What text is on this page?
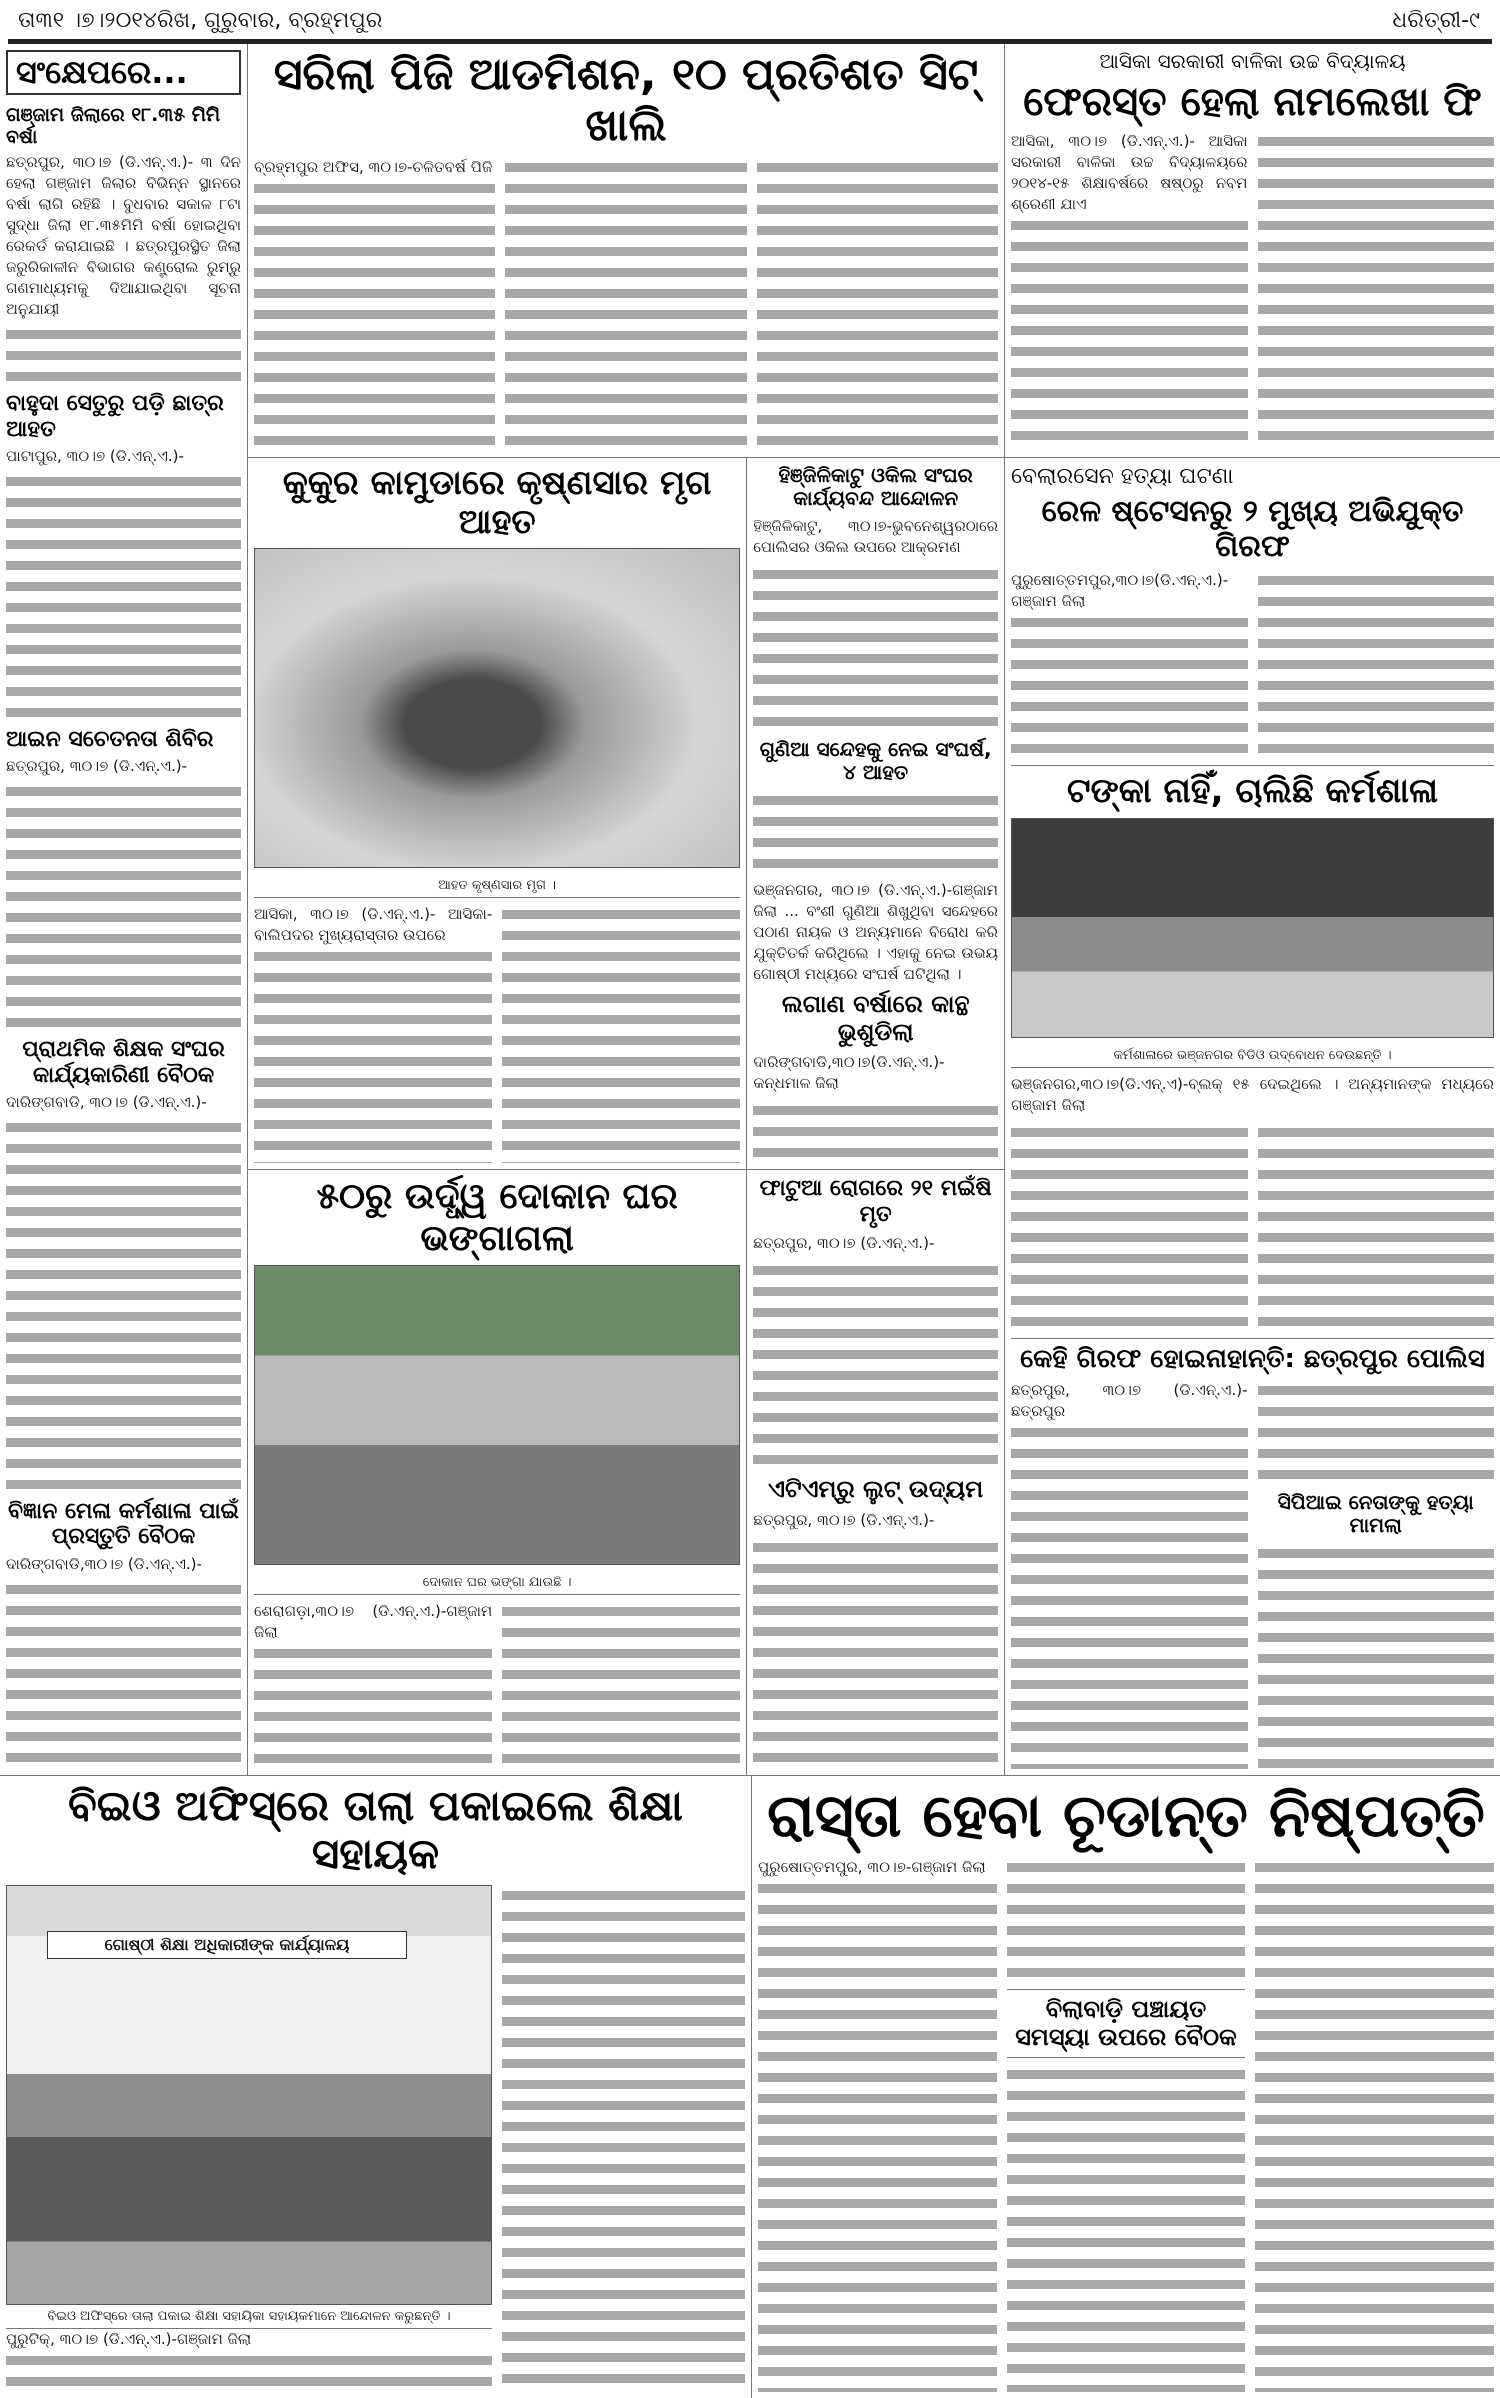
ତା୩୧ ।୭।୨୦୧୪ରିଖ, ଗୁରୁବାର, ବ୍ରହ୍ମପୁର	ଧରିତ୍ରୀ-୯
ସଂକ୍ଷେପରେ...
ଗଞ୍ଜାମ ଜିଲାରେ ୧୮.୩୫ ମିମି ବର୍ଷା
ଛତ୍ରପୁର, ୩୦।୭ (ଡି.ଏନ୍.ଏ.)- ୩ ଦିନ ହେଲା ଗଞ୍ଜାମ ଜିଲାର ବିଭିନ୍ନ ସ୍ଥାନରେ ବର୍ଷା ଲାଗି ରହିଛି । ବୁଧବାର ସକାଳ ୮ଟା ସୁଦ୍ଧା ଜିଲା ୧୮.୩୫ମିମି ବର୍ଷା ହୋଇଥିବା ରେକର୍ଡ କରାଯାଇଛି । ଛତ୍ରପୁରସ୍ଥିତ ଜିଲା ଜରୁରିକାଳୀନ ବିଭାଗର କଣ୍ଟ୍ରୋଲ ରୁମ୍‌ରୁ ଗଣମାଧ୍ୟମକୁ ଦିଆଯାଇଥିବା ସୂଚନା ଅନୁଯାୟୀ
ବାହୁଦା ସେତୁରୁ ପଡ଼ି ଛାତ୍ର ଆହତ
ପାଟାପୁର, ୩୦।୭ (ଡି.ଏନ୍.ଏ.)-
ଆଇନ ସଚେତନତା ଶିବିର
ଛତ୍ରପୁର, ୩୦।୭ (ଡି.ଏନ୍.ଏ.)-
ପ୍ରାଥମିକ ଶିକ୍ଷକ ସଂଘର କାର୍ଯ୍ୟକାରିଣୀ ବୈଠକ
ଦାରିଙ୍ଗବାଡି, ୩୦।୭ (ଡି.ଏନ୍.ଏ.)-
ବିଜ୍ଞାନ ମେଳା କର୍ମଶାଳା ପାଇଁ ପ୍ରସ୍ତୁତି ବୈଠକ
ଦାରିଙ୍ଗବାଡି,୩୦।୭ (ଡି.ଏନ୍.ଏ.)-
ସରିଲା ପିଜି ଆଡମିଶନ, ୧୦ ପ୍ରତିଶତ ସିଟ୍ ଖାଲି
ବ୍ରହ୍ମପୁର ଅଫିସ, ୩୦।୭-ଚଳିତବର୍ଷ ପିଜି
ଆସିକା ସରକାରୀ ବାଳିକା ଉଚ୍ଚ ବିଦ୍ୟାଳୟ
ଫେରସ୍ତ ହେଲା ନାମଲେଖା ଫି
ଆସିକା, ୩୦।୭ (ଡି.ଏନ୍.ଏ.)- ଆସିକା ସରକାରୀ ବାଳିକା ଉଚ୍ଚ ବିଦ୍ୟାଳୟରେ ୨୦୧୪-୧୫ ଶିକ୍ଷାବର୍ଷରେ ଷଷ୍ଠରୁ ନବମ ଶ୍ରେଣୀ ଯାଏ
କୁକୁର କାମୁଡାରେ କୃଷ୍ଣସାର ମୃଗ ଆହତ
ଆହତ କୃଷ୍ଣସାର ମୃଗ ।
ଆସିକା, ୩୦।୭ (ଡି.ଏନ୍.ଏ.)- ଆସିକା-ବାଲିପଦର ମୁଖ୍ୟରାସ୍ତାର ଉପରେ
ହିଞ୍ଜିଳିକାଟୁ ଓକିଲ ସଂଘର କାର୍ଯ୍ୟବନ୍ଦ ଆନ୍ଦୋଳନ
ହିଞ୍ଜିଳିକାଟୁ, ୩୦।୭-ଭୁବନେଶ୍ୱରଠାରେ ପୋଲିସର ଓକିଲ ଉପରେ ଆକ୍ରମଣ
ଗୁଣିଆ ସନ୍ଦେହକୁ ନେଇ ସଂଘର୍ଷ, ୪ ଆହତ
ଭଞ୍ଜନଗର, ୩୦।୭ (ଡି.ଏନ୍.ଏ.)-ଗଞ୍ଜାମ ଜିଲା ... ବଂଶୀ ଗୁଣିଆ ଶିଖୁଥିବା ସନ୍ଦେହରେ ପଠାଣ ନାୟକ ଓ ଅନ୍ୟମାନେ ବିରୋଧ କରି ଯୁକ୍ତିତର୍କ କରିଥିଲେ । ଏହାକୁ ନେଇ ଉଭୟ ଗୋଷ୍ଠୀ ମଧ୍ୟରେ ସଂଘର୍ଷ ଘଟିଥିଲା ।
ଲଗାଣ ବର୍ଷାରେ କାନ୍ଥ ଭୁଶୁଡିଲା
ଦାରିଙ୍ଗବାଡି,୩୦।୭(ଡି.ଏନ୍.ଏ.)-କନ୍ଧମାଳ ଜିଲା
୫୦ରୁ ଉର୍ଦ୍ଧ୍ୱ ଦୋକାନ ଘର ଭଙ୍ଗାଗଲା
ଦୋକାନ ଘର ଭଙ୍ଗା ଯାଉଛି ।
ଶେରାଗଡ଼ା,୩୦।୭ (ଡି.ଏନ୍.ଏ.)-ଗଞ୍ଜାମ ଜିଲା
ଫାଟୁଆ ରୋଗରେ ୨୧ ମଇଁଷି ମୃତ
ଛତ୍ରପୁର, ୩୦।୭ (ଡି.ଏନ୍.ଏ.)-
ଏଟିଏମ୍‌ରୁ ଲୁଟ୍ ଉଦ୍ୟମ
ଛତ୍ରପୁର, ୩୦।୭ (ଡି.ଏନ୍.ଏ.)-
ବେଲାରସେନ ହତ୍ୟା ଘଟଣା
ରେଳ ଷ୍ଟେସନରୁ ୨ ମୁଖ୍ୟ ଅଭିଯୁକ୍ତ ଗିରଫ
ପୁରୁଷୋତ୍ତମପୁର,୩୦।୭(ଡି.ଏନ୍.ଏ.)-ଗଞ୍ଜାମ ଜିଲା
ଟଙ୍କା ନାହିଁ, ଚାଲିଛି କର୍ମଶାଳା
କର୍ମଶାଳାରେ ଭଞ୍ଜନଗର ବିଡିଓ ଉଦ୍‌ବୋଧନ ଦେଉଛନ୍ତି ।
ଭଞ୍ଜନଗର,୩୦।୭(ଡି.ଏନ୍.ଏ)-ବ୍ଲକ୍ ୧୫ ଦେଇଥିଲେ । ଅନ୍ୟମାନଙ୍କ ମଧ୍ୟରେ ଗଞ୍ଜାମ ଜିଲା
କେହି ଗିରଫ ହୋଇନାହାନ୍ତି: ଛତ୍ରପୁର ପୋଲିସ
ଛତ୍ରପୁର, ୩୦।୭ (ଡି.ଏନ୍.ଏ.)- ଛତ୍ରପୁର
ସିପିଆଇ ନେତାଙ୍କୁ ହତ୍ୟା ମାମଲା
ବିଇଓ ଅଫିସ୍‌ରେ ତାଲା ପକାଇଲେ ଶିକ୍ଷା ସହାୟକ
ଗୋଷ୍ଠୀ ଶିକ୍ଷା ଅଧିକାରୀଙ୍କ କାର୍ଯ୍ୟାଳୟ
ବିଇଓ ଅଫିସ୍‌ରେ ତାଲା ପକାଇ ଶିକ୍ଷା ସହାୟିକା ସହାୟକମାନେ ଆନ୍ଦୋଳନ କରୁଛନ୍ତି ।
ପୁରୁଟିକ୍, ୩୦।୭ (ଡି.ଏନ୍.ଏ.)-ଗଞ୍ଜାମ ଜିଲା
ରାସ୍ତା ହେବା ଚୂଡାନ୍ତ ନିଷ୍ପତ୍ତି
ପୁରୁଷୋତ୍ତମପୁର, ୩୦।୭-ଗଞ୍ଜାମ ଜିଲା
ବିଲାବାଡ଼ି ପଞ୍ଚାୟତ ସମସ୍ୟା ଉପରେ ବୈଠକ
